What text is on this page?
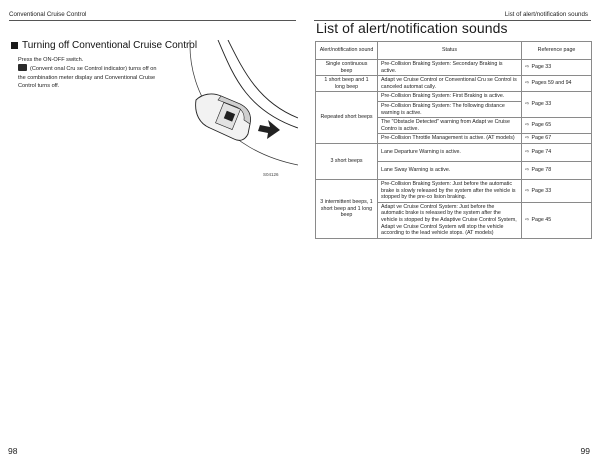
Conventional Cruise Control
Turning off Conventional Cruise Control
Press the ON-OFF switch.
(Convent onal Cru se Control indicator) turns off on the combination meter display and Conventional Cruise Control turns off.
S04126
98
List of alert/notification sounds
List of alert/notification sounds
Alert/notification sound	Status	Reference page
Single continuous beep	Pre-Collision Braking System: Secondary Braking is active.	⇨ Page 33
1 short beep and 1 long beep	Adapt ve Cruise Control or Conventional Cru se Control is canceled automat cally.	⇨ Pages 59 and 94
Repeated short beeps	Pre-Collision Braking System: First Braking is active.	⇨ Page 33
	Pre-Collision Braking System: The following distance warning is active.	
	The "Obstacle Detected" warning from Adapt ve Cruise Contro is active.	⇨ Page 65
	Pre-Collision Throttle Management is active. (AT models)	⇨ Page 67
3 short beeps	Lane Departure Warning is active.	⇨ Page 74
	Lane Sway Warning is active.	⇨ Page 78
3 intermittent beeps, 1 short beep and 1 long beep	Pre-Collision Braking System: Just before the automatic brake is slowly released by the system after the vehicle is stopped by the pre-co lision braking.	⇨ Page 33
	Adapt ve Cruise Control System: Just before the automatic brake is released by the system after the vehicle is stopped by the Adaptive Cruise Control System, Adapt ve Cruise Control System will stop the vehicle according to the lead vehicle stops. (AT models)	⇨ Page 45
99
